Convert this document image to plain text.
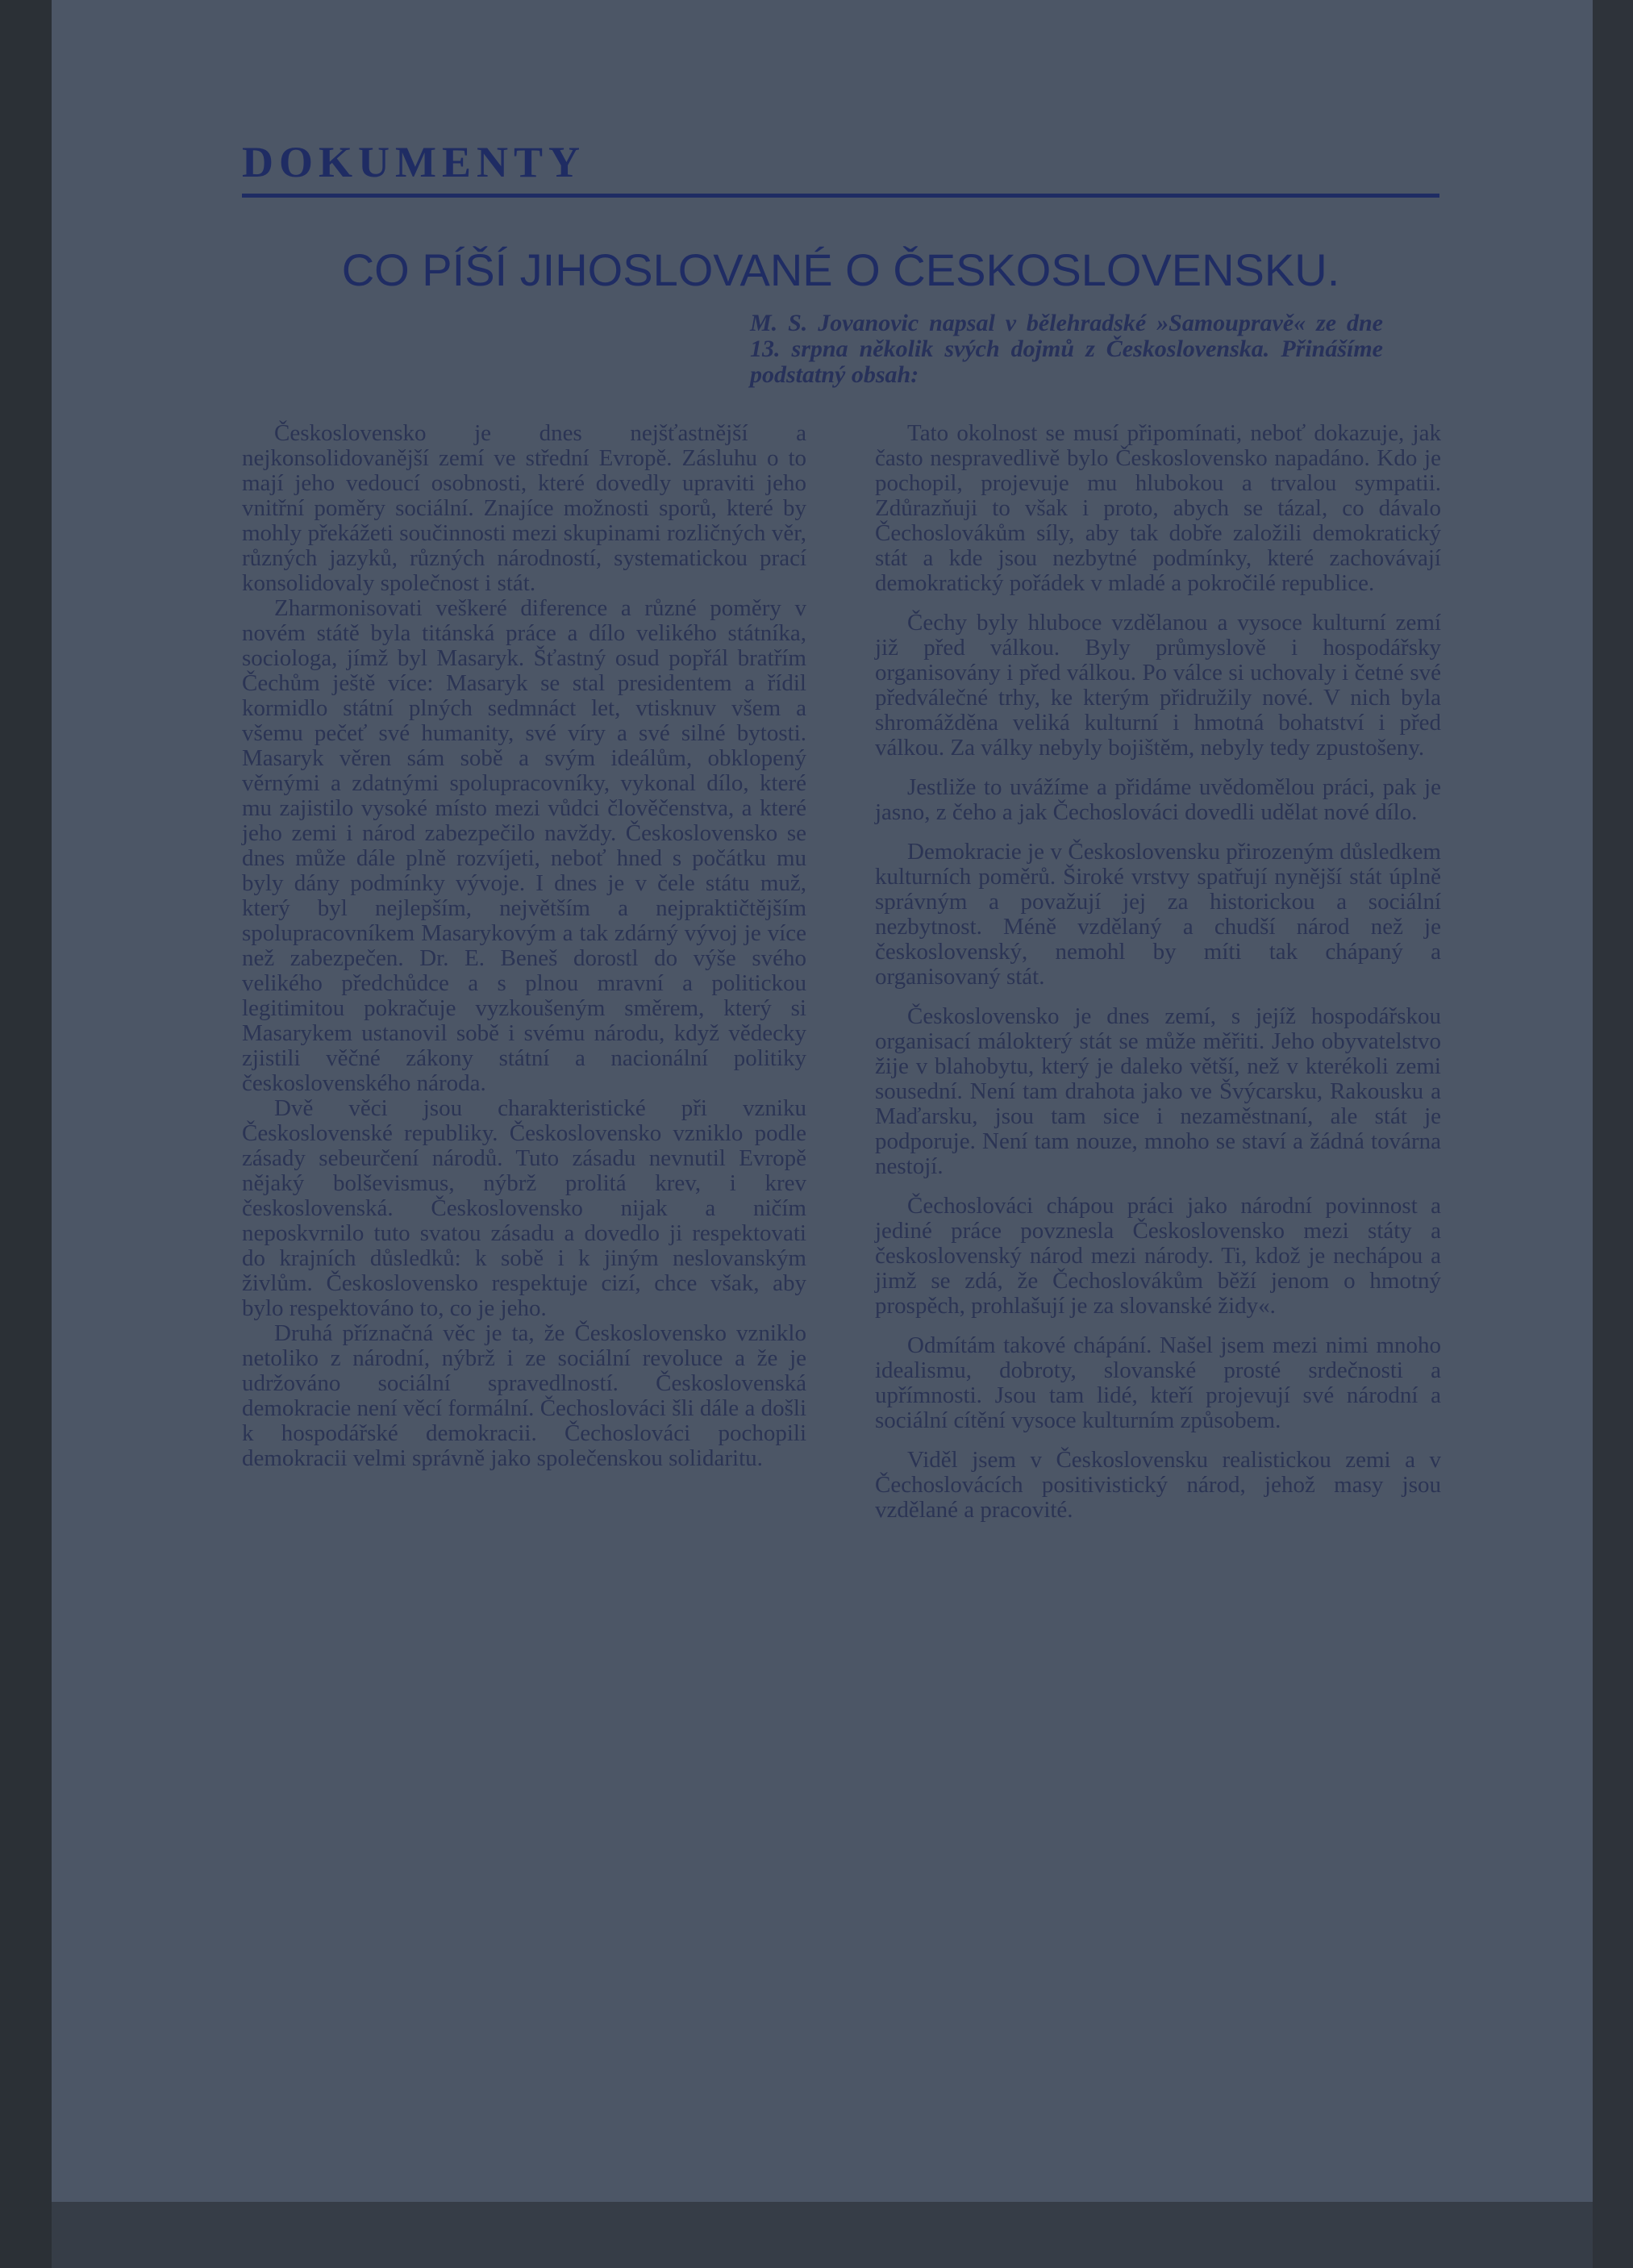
DOKUMENTY
CO PÍŠÍ JIHOSLOVANÉ O ČESKOSLOVENSKU.
M. S. Jovanovic napsal v bělehradské »Samoupravě« ze dne 13. srpna několik svých dojmů z Československa. Přinášíme podstatný obsah:

Československo je dnes nejšťastnější a nejkonsolidovanější zemí ve střední Evropě. Zásluhu o to mají jeho vedoucí osobnosti, které dovedly upraviti jeho vnitřní poměry sociální. Znajíce možnosti sporů, které by mohly překážeti součinnosti mezi skupinami rozličných věr, různých jazyků, různých národností, systematickou prací konsolidovaly společnost i stát.

Zharmonisovati veškeré diference a různé poměry v novém státě byla titánská práce a dílo velikého státníka, sociologa, jímž byl Masaryk. Šťastný osud popřál bratřím Čechům ještě více: Masaryk se stal presidentem a řídil kormidlo státní plných sedmnáct let, vtisknuv všem a všemu pečeť své humanity, své víry a své silné bytosti. Masaryk věren sám sobě a svým ideálům, obklopený věrnými a zdatnými spolupracovníky, vykonal dílo, které mu zajistilo vysoké místo mezi vůdci člověčenstva, a které jeho zemi i národ zabezpečilo navždy. Československo se dnes může dále plně rozvíjeti, neboť hned s počátku mu byly dány podmínky vývoje. I dnes je v čele státu muž, který byl nejlepším, největším a nejpraktičtějším spolupracovníkem Masarykovým a tak zdárný vývoj je více než zabezpečen. Dr. E. Beneš dorostl do výše svého velikého předchůdce a s plnou mravní a politickou legitimitou pokračuje vyzkoušeným směrem, který si Masarykem ustanovil sobě i svému národu, když vědecky zjistili věčné zákony státní a nacionální politiky československého národa.

Dvě věci jsou charakteristické při vzniku Československé republiky. Československo vzniklo podle zásady sebeurčení národů. Tuto zásadu nevnutil Evropě nějaký bolševismus, nýbrž prolitá krev, i krev československá. Československo nijak a ničím neposkvrnilo tuto svatou zásadu a dovedlo ji respektovati do krajních důsledků: k sobě i k jiným neslovanským živlům. Československo respektuje cizí, chce však, aby bylo respektováno to, co je jeho.

Druhá příznačná věc je ta, že Československo vzniklo netoliko z národní, nýbrž i ze sociální revoluce a že je udržováno sociální spravedlností. Československá demokracie není věcí formální. Čechoslováci šli dále a došli k hospodářské demokracii. Čechoslováci pochopili demokracii velmi správně jako společenskou solidaritu.

Tato okolnost se musí připomínati, neboť dokazuje, jak často nespravedlivě bylo Československo napadáno. Kdo je pochopil, projevuje mu hlubokou a trvalou sympatii. Zdůrazňuji to však i proto, abych se tázal, co dávalo Čechoslovákům síly, aby tak dobře založili demokratický stát a kde jsou nezbytné podmínky, které zachovávají demokratický pořádek v mladé a pokročilé republice.

Čechy byly hluboce vzdělanou a vysoce kulturní zemí již před válkou. Byly průmyslově i hospodářsky organisovány i před válkou. Po válce si uchovaly i četné své předválečné trhy, ke kterým přidružily nové. V nich byla shromážděna veliká kulturní i hmotná bohatství i před válkou. Za války nebyly bojištěm, nebyly tedy zpustošeny.

Jestliže to uvážíme a přidáme uvědomělou práci, pak je jasno, z čeho a jak Čechoslováci dovedli udělat nové dílo.

Demokracie je v Československu přirozeným důsledkem kulturních poměrů. Široké vrstvy spatřují nynější stát úplně správným a považují jej za historickou a sociální nezbytnost. Méně vzdělaný a chudší národ než je československý, nemohl by míti tak chápaný a organisovaný stát.

Československo je dnes zemí, s jejíž hospodářskou organisací málokterý stát se může měřiti. Jeho obyvatelstvo žije v blahobytu, který je daleko větší, než v kterékoli zemi sousední. Není tam drahota jako ve Švýcarsku, Rakousku a Maďarsku, jsou tam sice i nezaměstnaní, ale stát je podporuje. Není tam nouze, mnoho se staví a žádná továrna nestojí.

Čechoslováci chápou práci jako národní povinnost a jediné práce povznesla Československo mezi státy a československý národ mezi národy. Ti, kdož je nechápou a jimž se zdá, že Čechoslovákům běží jenom o hmotný prospěch, prohlašují je za slovanské židy«.

Odmítám takové chápání. Našel jsem mezi nimi mnoho idealismu, dobroty, slovanské prosté srdečnosti a upřímnosti. Jsou tam lidé, kteří projevují své národní a sociální cítění vysoce kulturním způsobem.

Viděl jsem v Československu realistickou zemi a v Čechoslovácích positivistický národ, jehož masy jsou vzdělané a pracovité.
